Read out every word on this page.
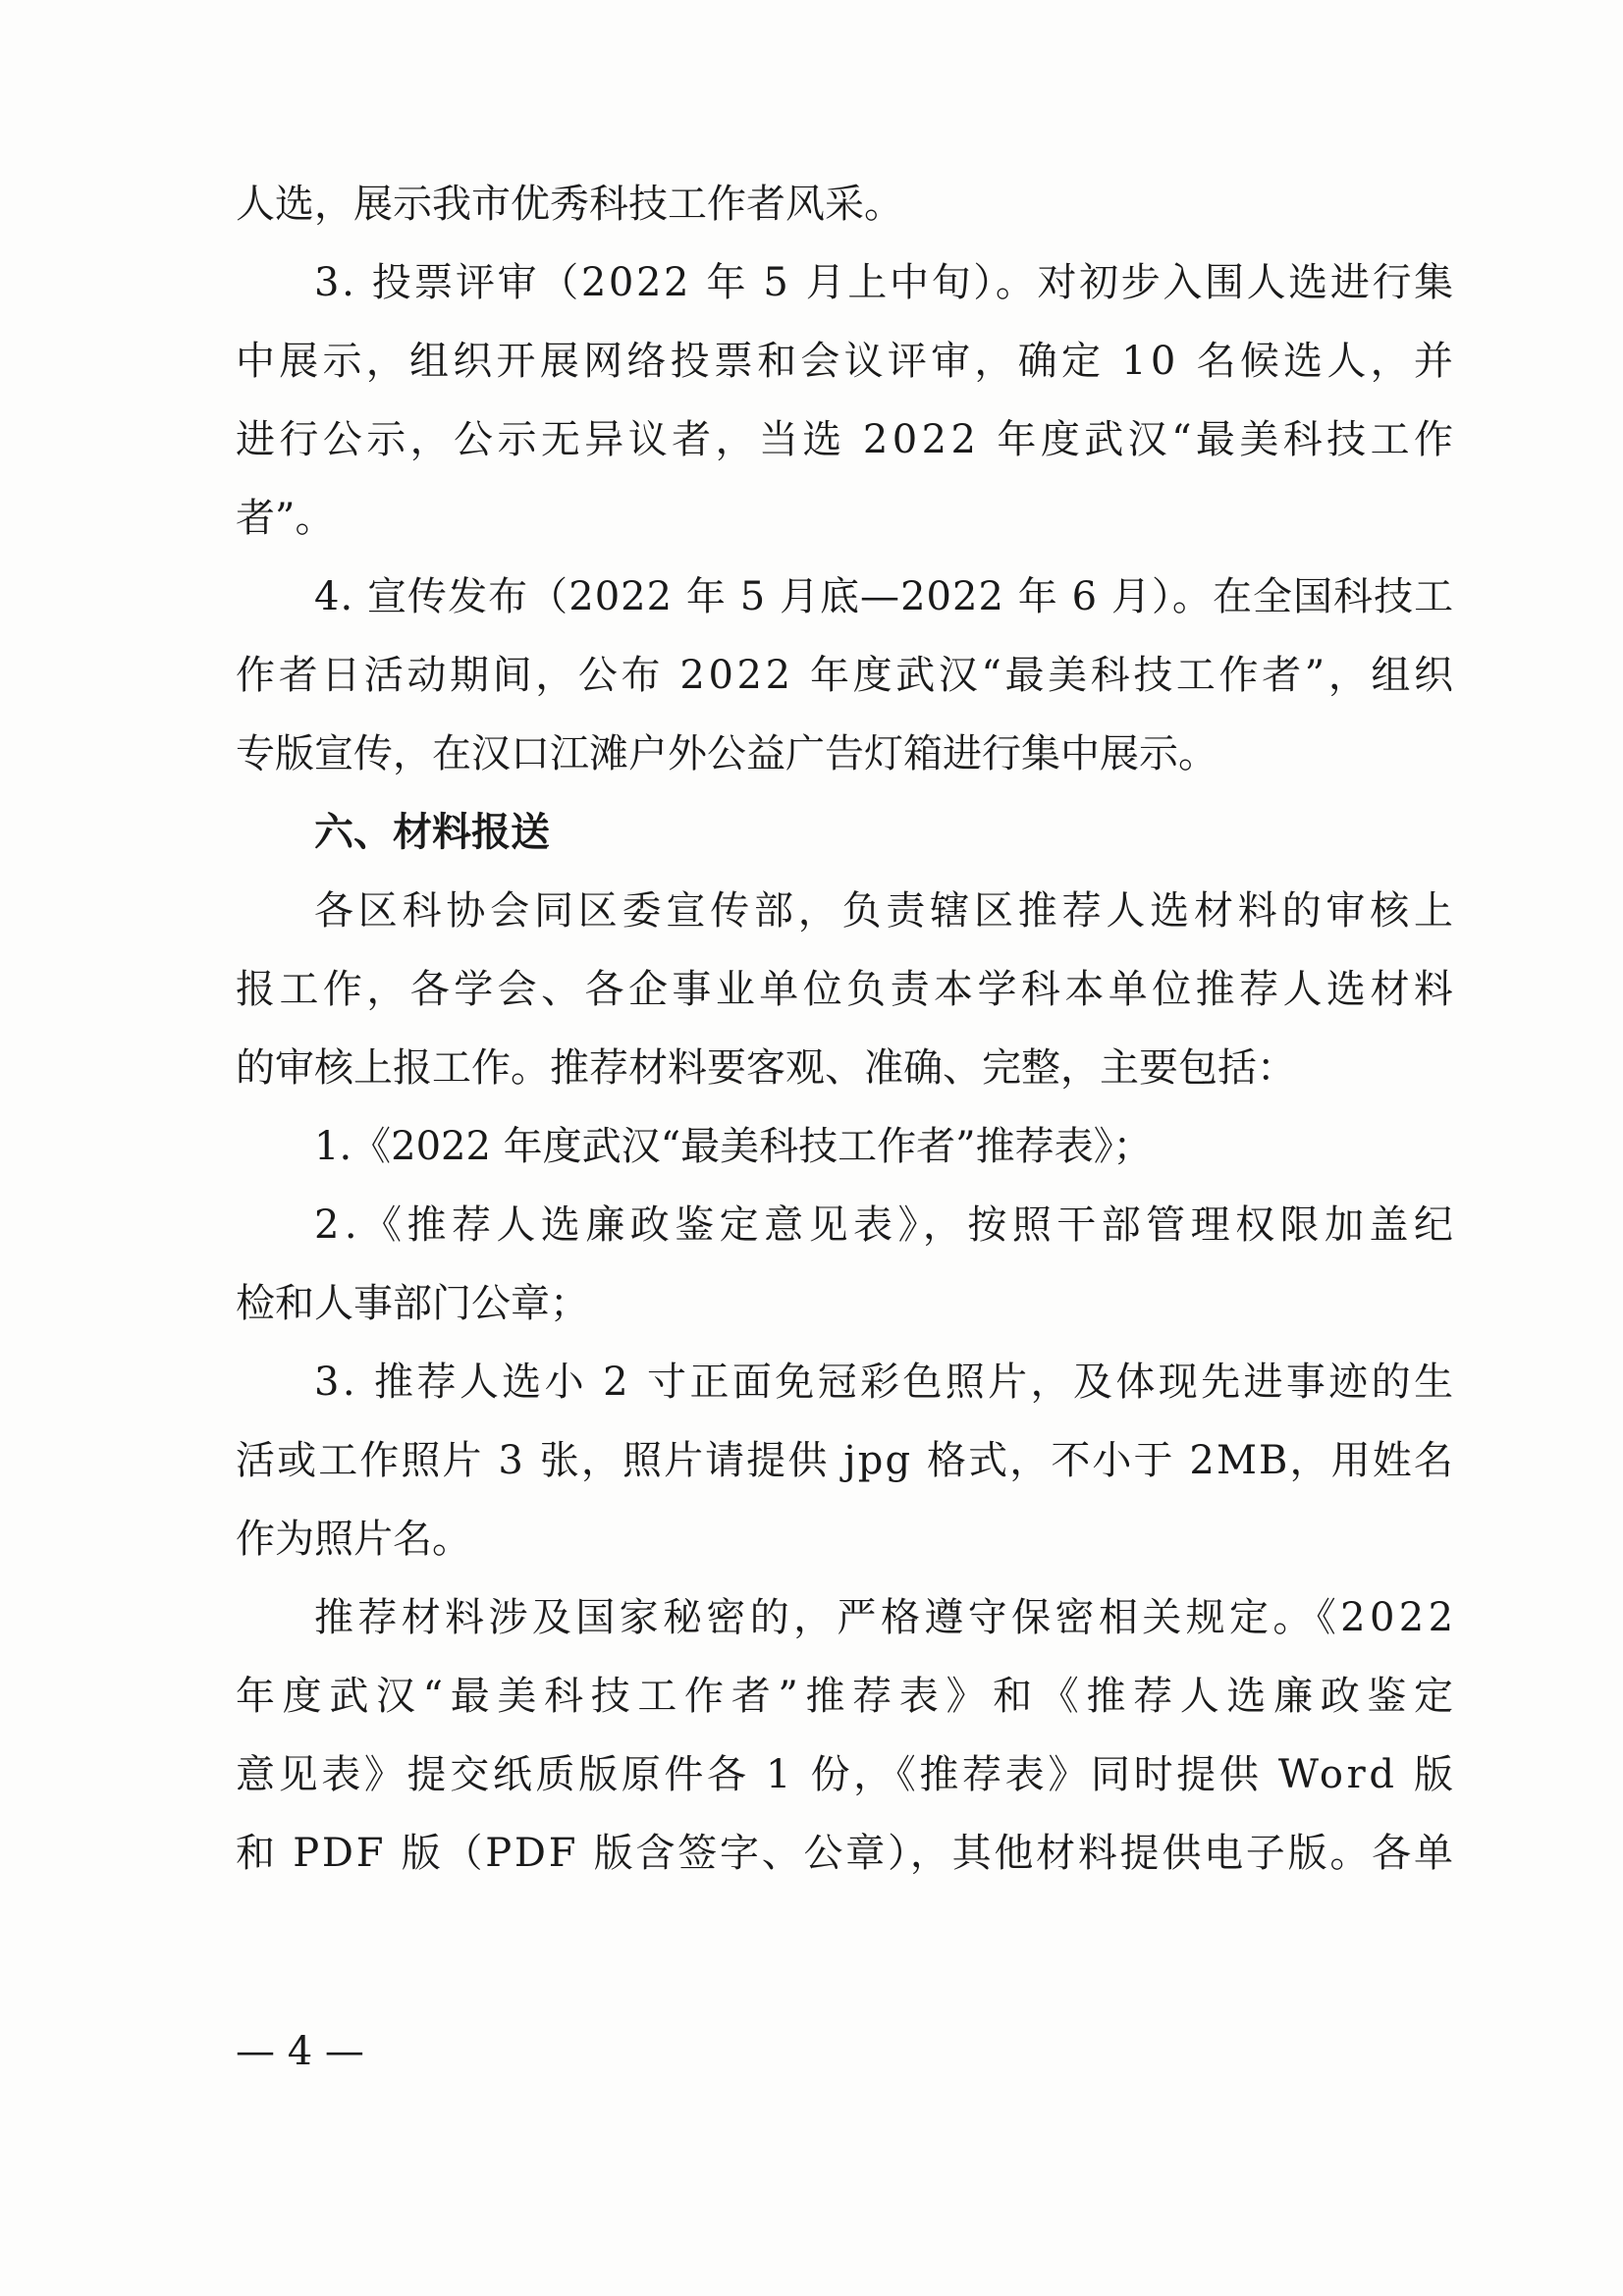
人选，展示我市优秀科技工作者风采。
3. 投票评审（2022 年 5 月上中旬）。对初步入围人选进行集
中展示，组织开展网络投票和会议评审，确定 10 名候选人，并
进行公示，公示无异议者，当选 2022 年度武汉“最美科技工作
者”。
4. 宣传发布（2022 年 5 月底—2022 年 6 月）。在全国科技工
作者日活动期间，公布 2022 年度武汉“最美科技工作者”，组织
专版宣传，在汉口江滩户外公益广告灯箱进行集中展示。
六、材料报送
各区科协会同区委宣传部，负责辖区推荐人选材料的审核上
报工作，各学会、各企事业单位负责本学科本单位推荐人选材料
的审核上报工作。推荐材料要客观、准确、完整，主要包括：
1.《2022 年度武汉“最美科技工作者”推荐表》；
2.《推荐人选廉政鉴定意见表》，按照干部管理权限加盖纪
检和人事部门公章；
3. 推荐人选小 2 寸正面免冠彩色照片，及体现先进事迹的生
活或工作照片 3 张，照片请提供 jpg 格式，不小于 2MB，用姓名
作为照片名。
推荐材料涉及国家秘密的，严格遵守保密相关规定。《2022
年度武汉“最美科技工作者”推荐表》和《推荐人选廉政鉴定
意见表》提交纸质版原件各 1 份，《推荐表》同时提供 Word 版
和 PDF 版（PDF 版含签字、公章），其他材料提供电子版。各单
— 4 —
